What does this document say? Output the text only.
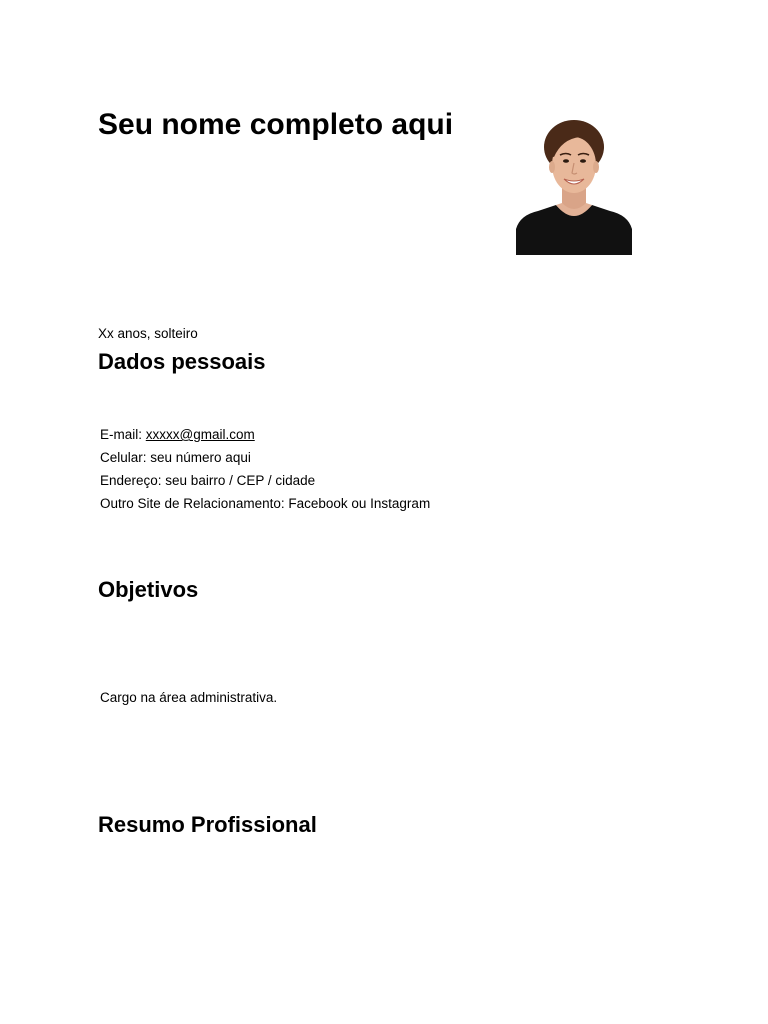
Seu nome completo aqui
Xx anos, solteiro
Dados pessoais
E-mail: xxxxx@gmail.com
Celular: seu número aqui
Endereço: seu bairro / CEP / cidade
Outro Site de Relacionamento: Facebook ou Instagram
Objetivos
Cargo na área administrativa.
Resumo Profissional
